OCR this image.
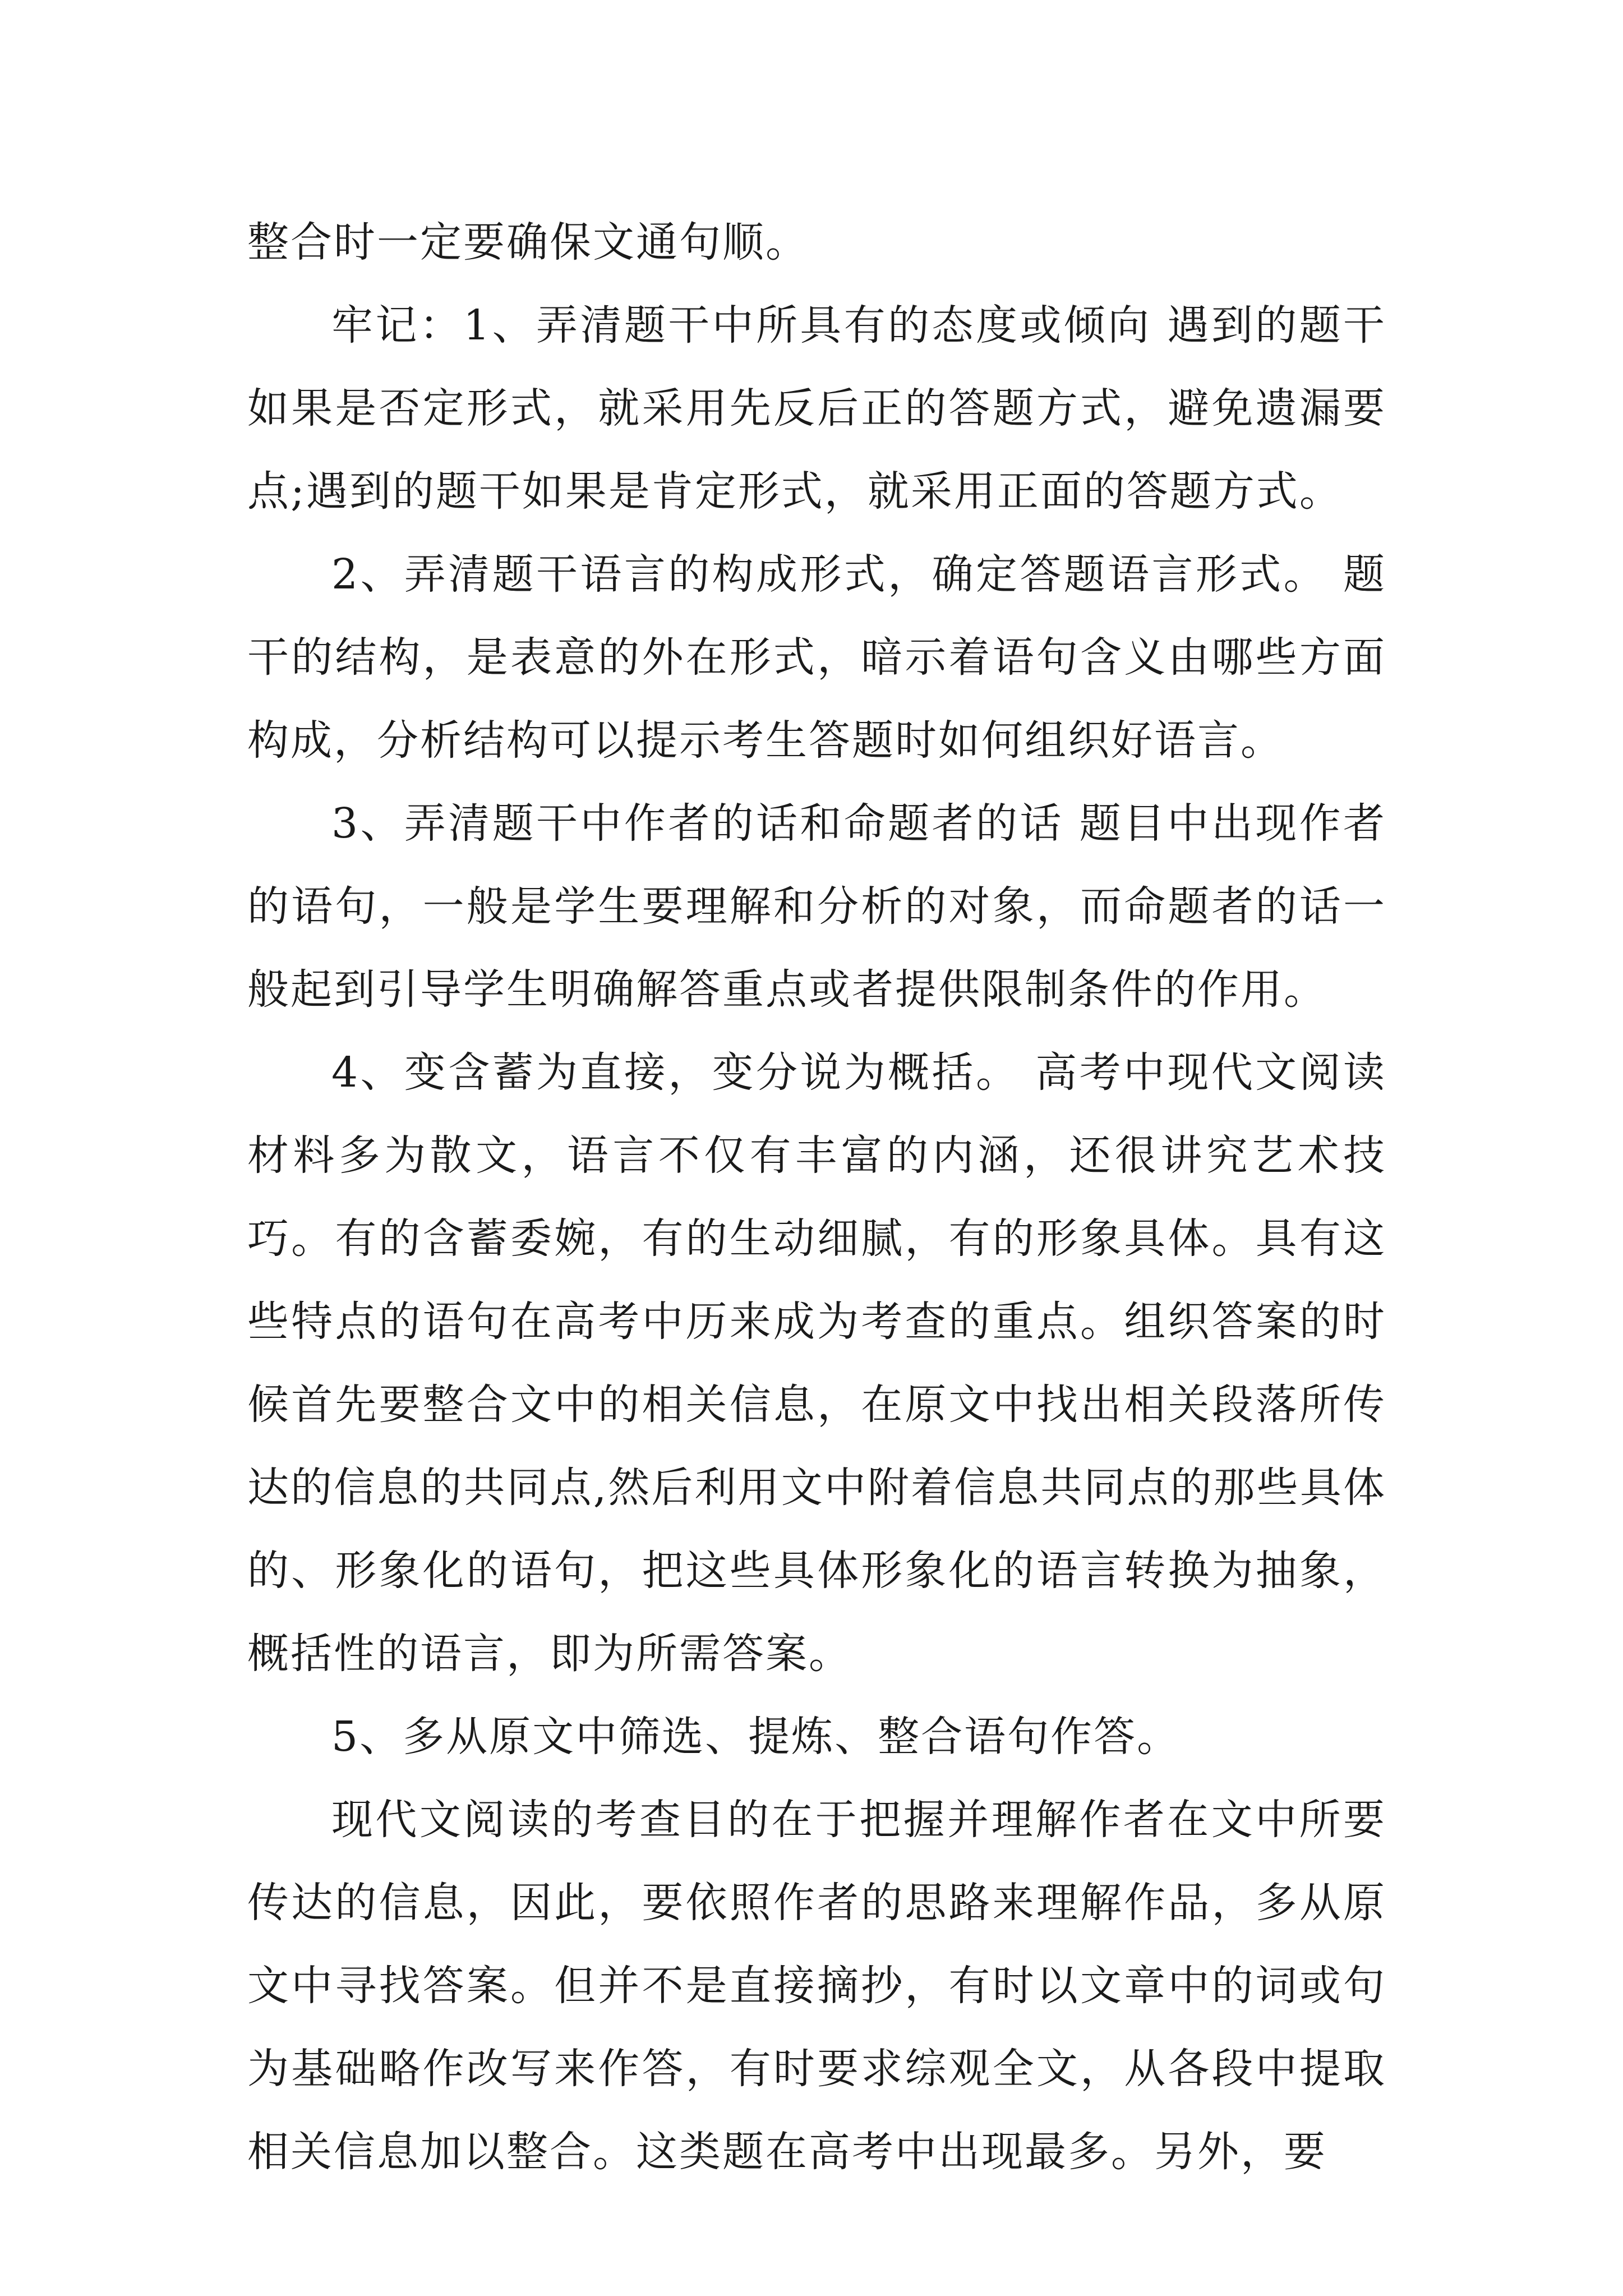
整合时一定要确保文通句顺。

牢记：1、弄清题干中所具有的态度或倾向 遇到的题干如果是否定形式，就采用先反后正的答题方式，避免遗漏要点;遇到的题干如果是肯定形式，就采用正面的答题方式。

2、弄清题干语言的构成形式，确定答题语言形式。 题干的结构，是表意的外在形式，暗示着语句含义由哪些方面构成，分析结构可以提示考生答题时如何组织好语言。

3、弄清题干中作者的话和命题者的话 题目中出现作者的语句，一般是学生要理解和分析的对象，而命题者的话一般起到引导学生明确解答重点或者提供限制条件的作用。

4、变含蓄为直接，变分说为概括。 高考中现代文阅读材料多为散文，语言不仅有丰富的内涵，还很讲究艺术技巧。有的含蓄委婉，有的生动细腻，有的形象具体。具有这些特点的语句在高考中历来成为考查的重点。组织答案的时候首先要整合文中的相关信息，在原文中找出相关段落所传达的信息的共同点,然后利用文中附着信息共同点的那些具体的、形象化的语句，把这些具体形象化的语言转换为抽象，概括性的语言，即为所需答案。

5、多从原文中筛选、提炼、整合语句作答。

现代文阅读的考查目的在于把握并理解作者在文中所要传达的信息，因此，要依照作者的思路来理解作品，多从原文中寻找答案。但并不是直接摘抄，有时以文章中的词或句为基础略作改写来作答，有时要求综观全文，从各段中提取相关信息加以整合。这类题在高考中出现最多。另外，要
